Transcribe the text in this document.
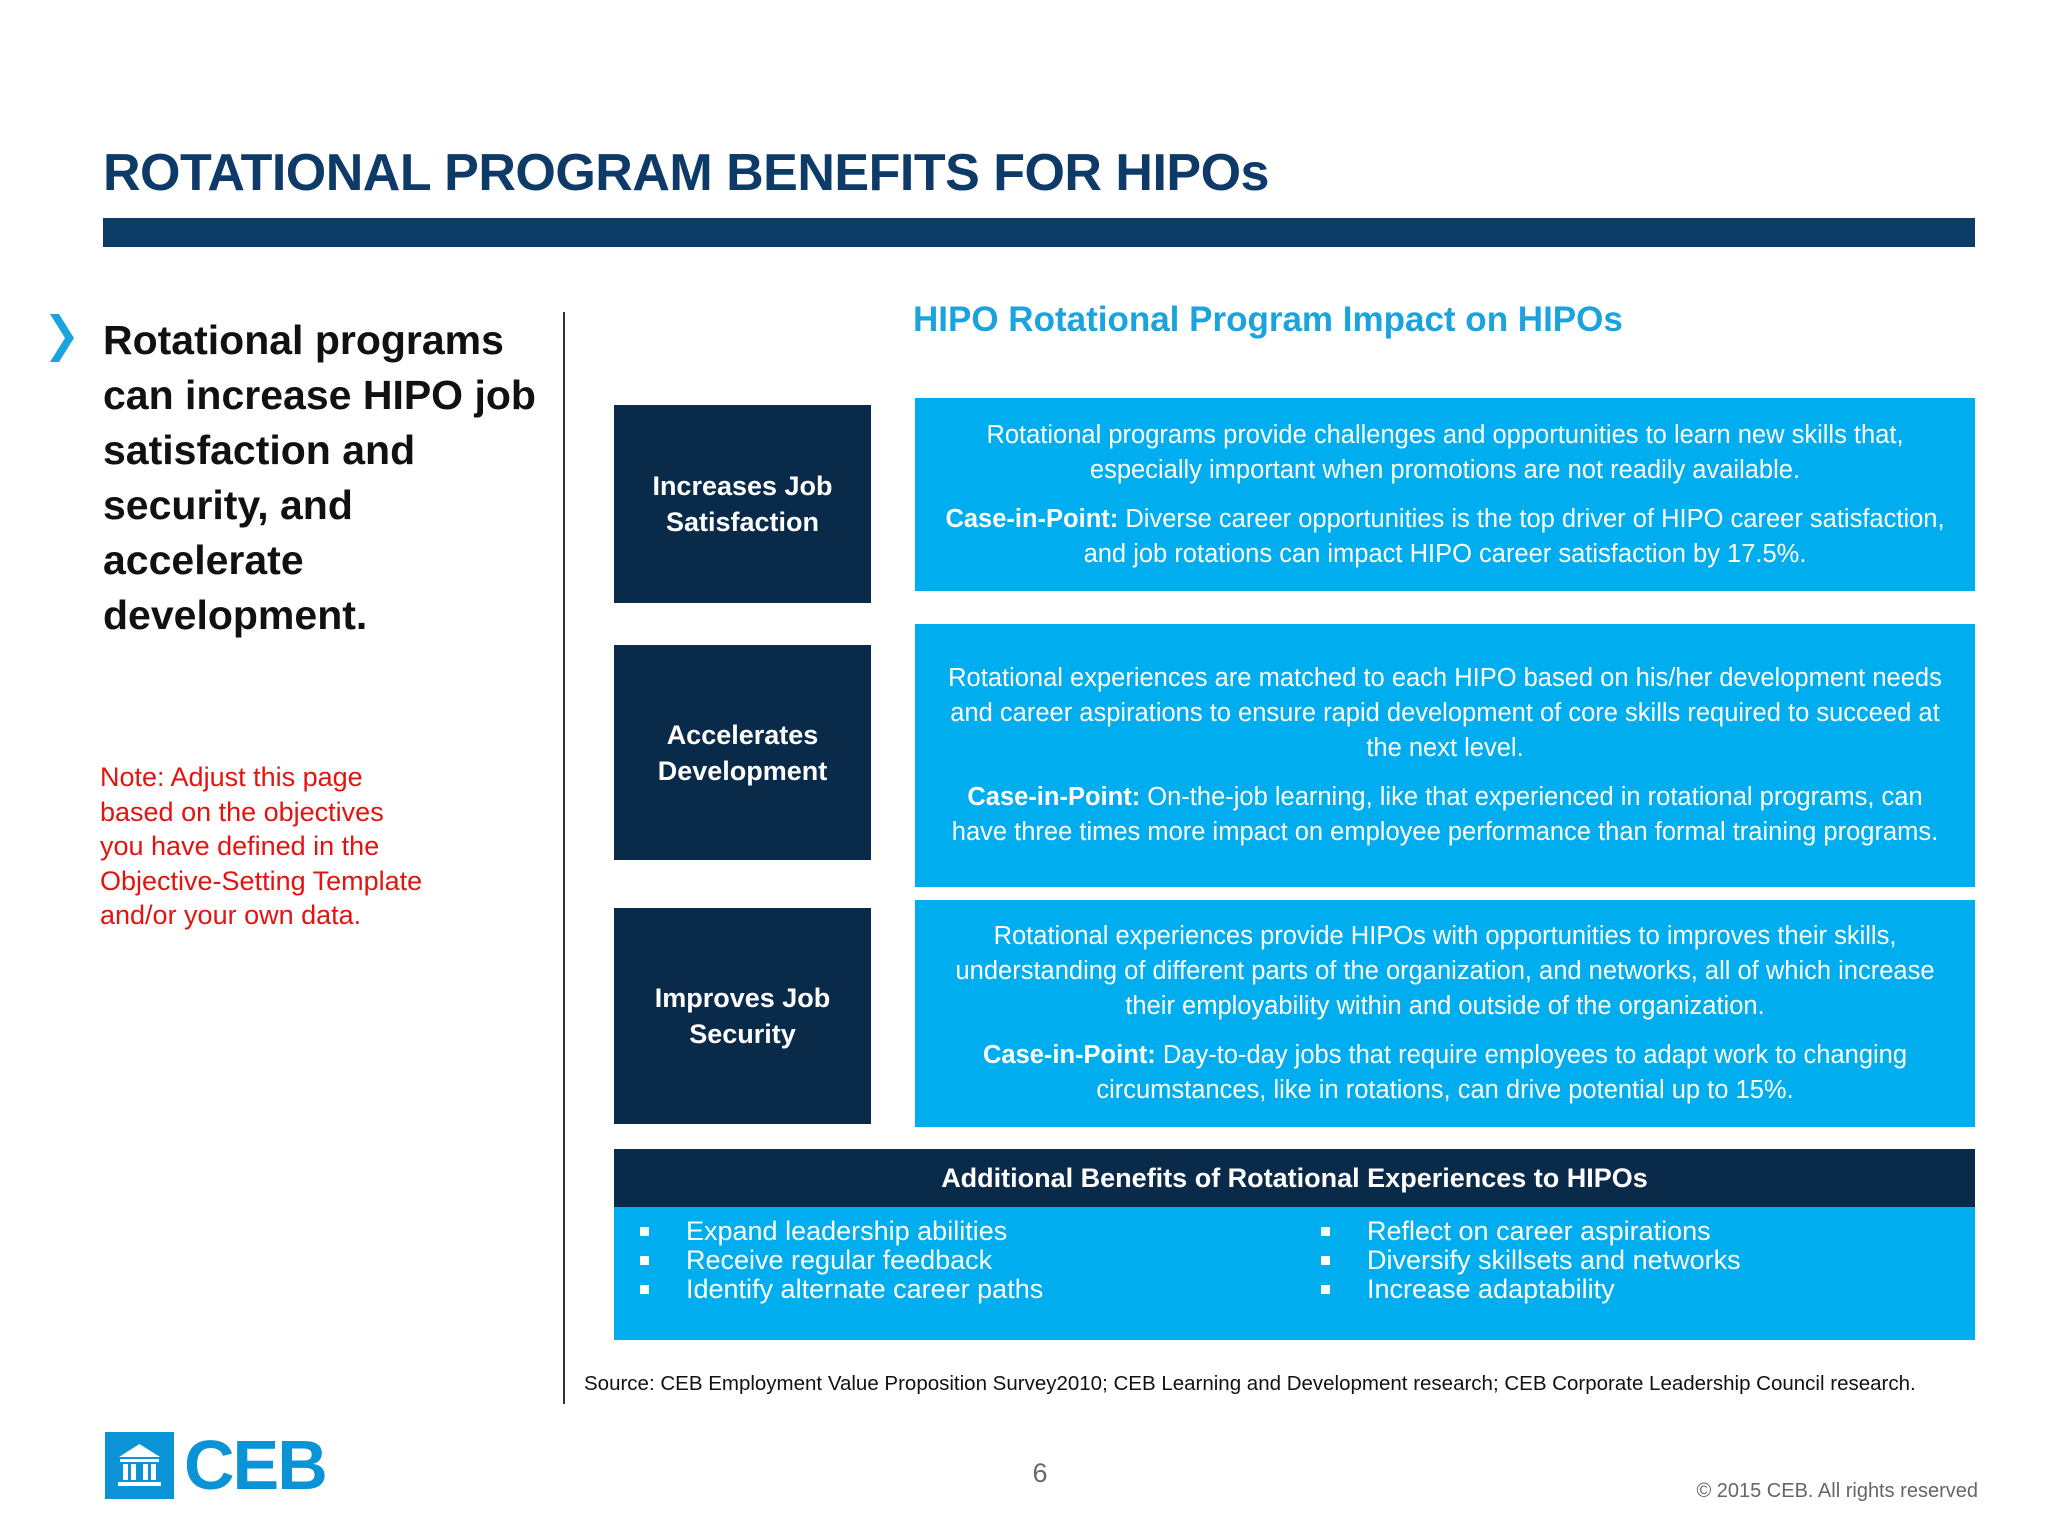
ROTATIONAL PROGRAM BENEFITS FOR HIPOs
Rotational programs can increase HIPO job satisfaction and security, and accelerate development.
Note: Adjust this page based on the objectives you have defined in the Objective-Setting Template and/or your own data.
HIPO Rotational Program Impact on HIPOs
Increases Job Satisfaction

Rotational programs provide challenges and opportunities to learn new skills that, especially important when promotions are not readily available.

Case-in-Point: Diverse career opportunities is the top driver of HIPO career satisfaction, and job rotations can impact HIPO career satisfaction by 17.5%.

Accelerates Development

Rotational experiences are matched to each HIPO based on his/her development needs and career aspirations to ensure rapid development of core skills required to succeed at the next level.

Case-in-Point: On-the-job learning, like that experienced in rotational programs, can have three times more impact on employee performance than formal training programs.

Improves Job Security

Rotational experiences provide HIPOs with opportunities to improves their skills, understanding of different parts of the organization, and networks, all of which increase their employability within and outside of the organization.

Case-in-Point: Day-to-day jobs that require employees to adapt work to changing circumstances, like in rotations, can drive potential up to 15%.

Additional Benefits of Rotational Experiences to HIPOs
Expand leadership abilities
Receive regular feedback
Identify alternate career paths
Reflect on career aspirations
Diversify skillsets and networks
Increase adaptability
Source: CEB Employment Value Proposition Survey2010; CEB Learning and Development research; CEB Corporate Leadership Council research.
CEB	6
© 2015 CEB. All rights reserved
